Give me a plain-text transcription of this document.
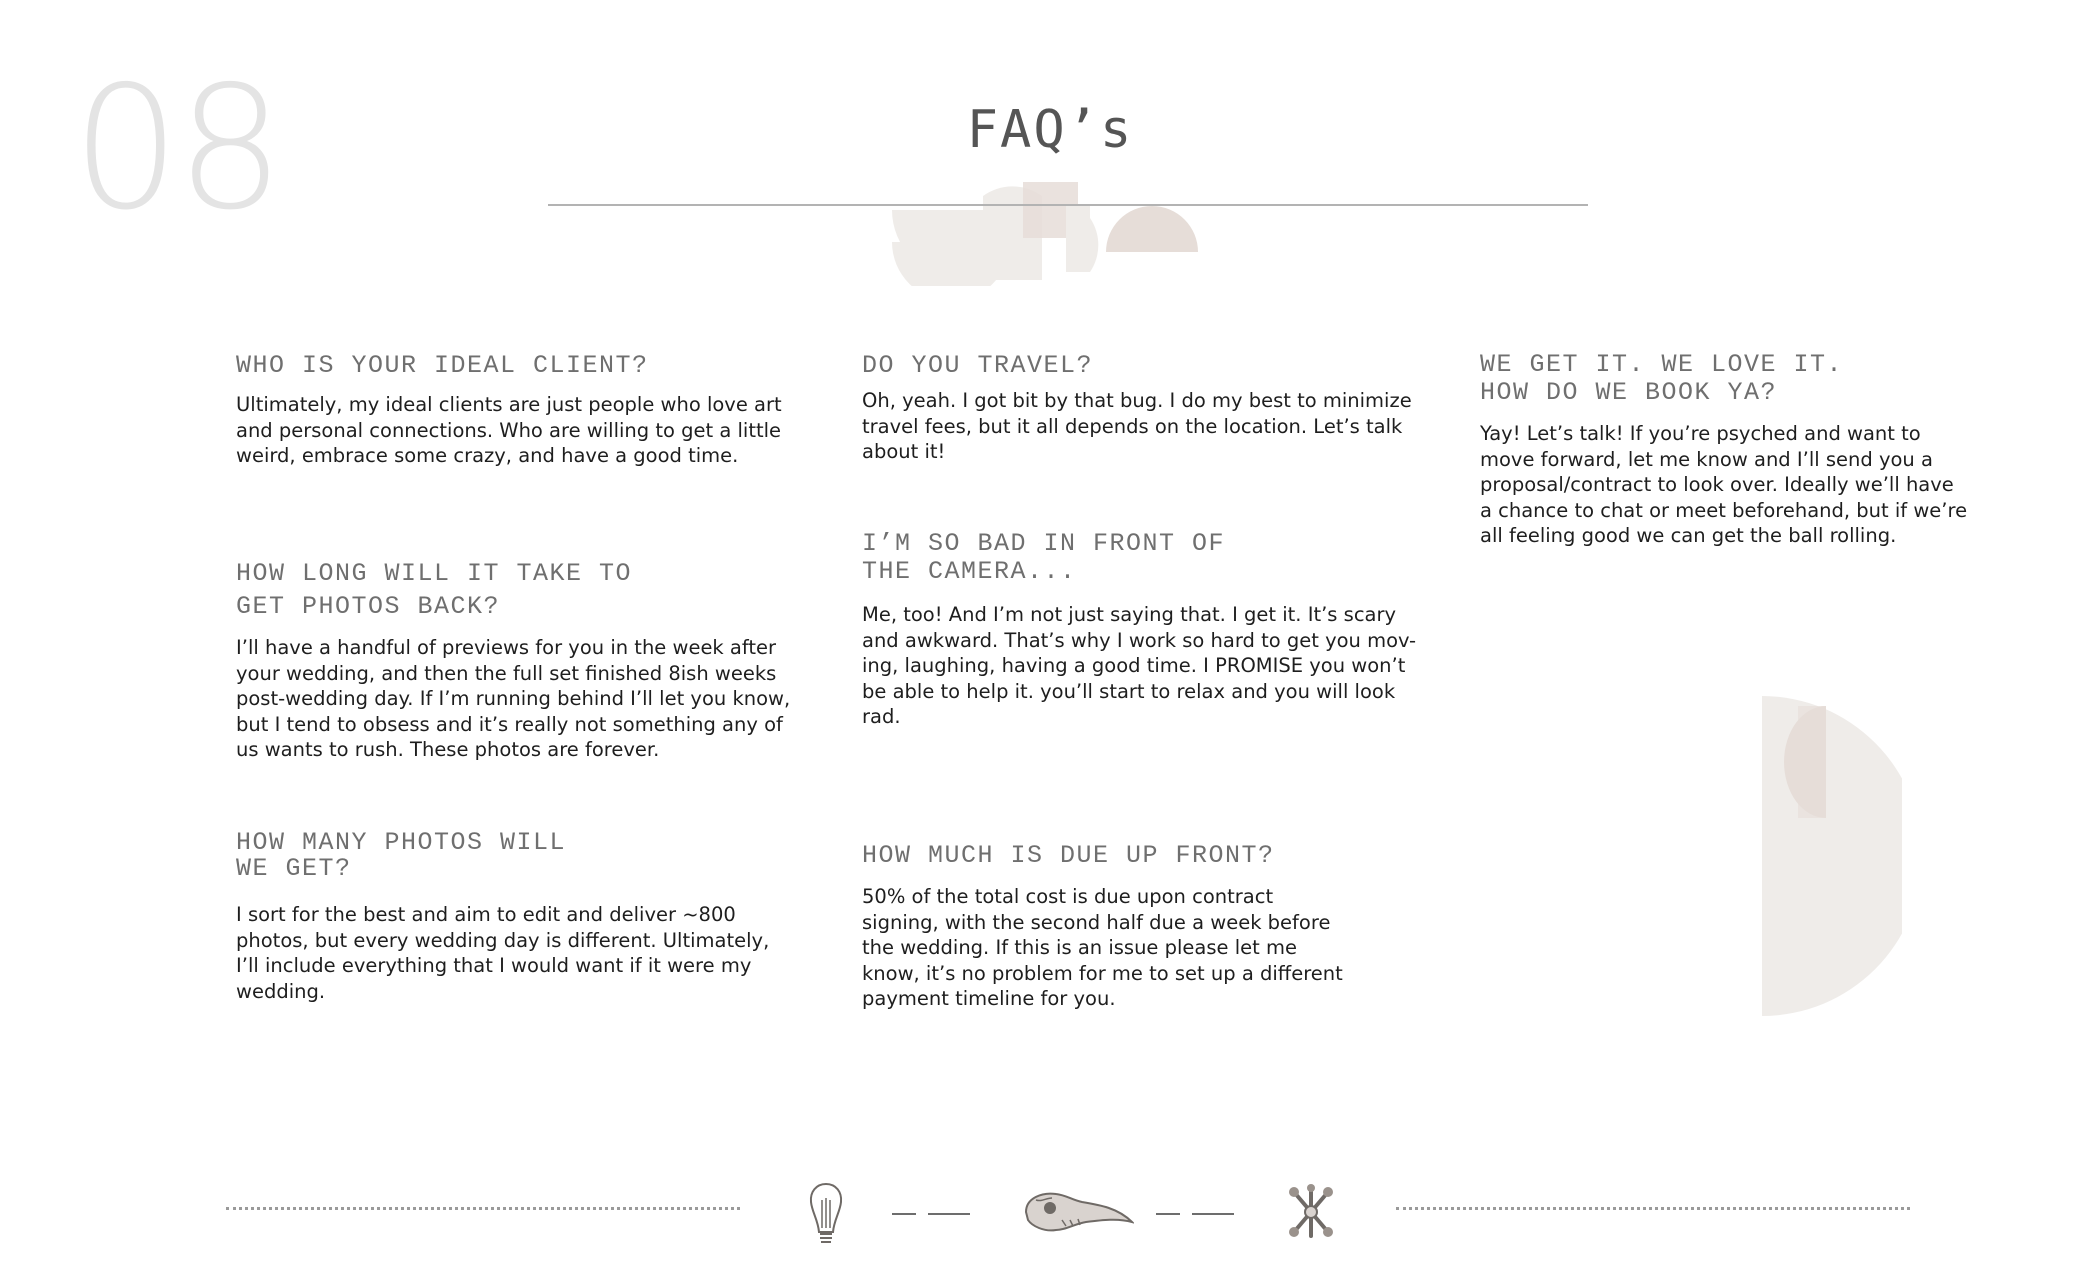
08	FAQ’s
WHO IS YOUR IDEAL CLIENT?

Ultimately, my ideal clients are just people who love art
and personal connections. Who are willing to get a little
weird, embrace some crazy, and have a good time.

HOW LONG WILL IT TAKE TO
GET PHOTOS BACK?

I’ll have a handful of previews for you in the week after
your wedding, and then the full set finished 8ish weeks
post-wedding day. If I’m running behind I’ll let you know,
but I tend to obsess and it’s really not something any of
us wants to rush. These photos are forever.

HOW MANY PHOTOS WILL
WE GET?

I sort for the best and aim to edit and deliver ~800
photos, but every wedding day is different. Ultimately,
I’ll include everything that I would want if it were my
wedding.

DO YOU TRAVEL?

Oh, yeah. I got bit by that bug. I do my best to minimize
travel fees, but it all depends on the location. Let’s talk
about it!

I’M SO BAD IN FRONT OF
THE CAMERA...

Me, too! And I’m not just saying that. I get it. It’s scary
and awkward. That’s why I work so hard to get you mov-
ing, laughing, having a good time. I PROMISE you won’t
be able to help it. you’ll start to relax and you will look
rad.

HOW MUCH IS DUE UP FRONT?

50% of the total cost is due upon contract
signing, with the second half due a week before
the wedding. If this is an issue please let me
know, it’s no problem for me to set up a different
payment timeline for you.

WE GET IT. WE LOVE IT.
HOW DO WE BOOK YA?

Yay! Let’s talk! If you’re psyched and want to
move forward, let me know and I’ll send you a
proposal/contract to look over. Ideally we’ll have
a chance to chat or meet beforehand, but if we’re
all feeling good we can get the ball rolling.
